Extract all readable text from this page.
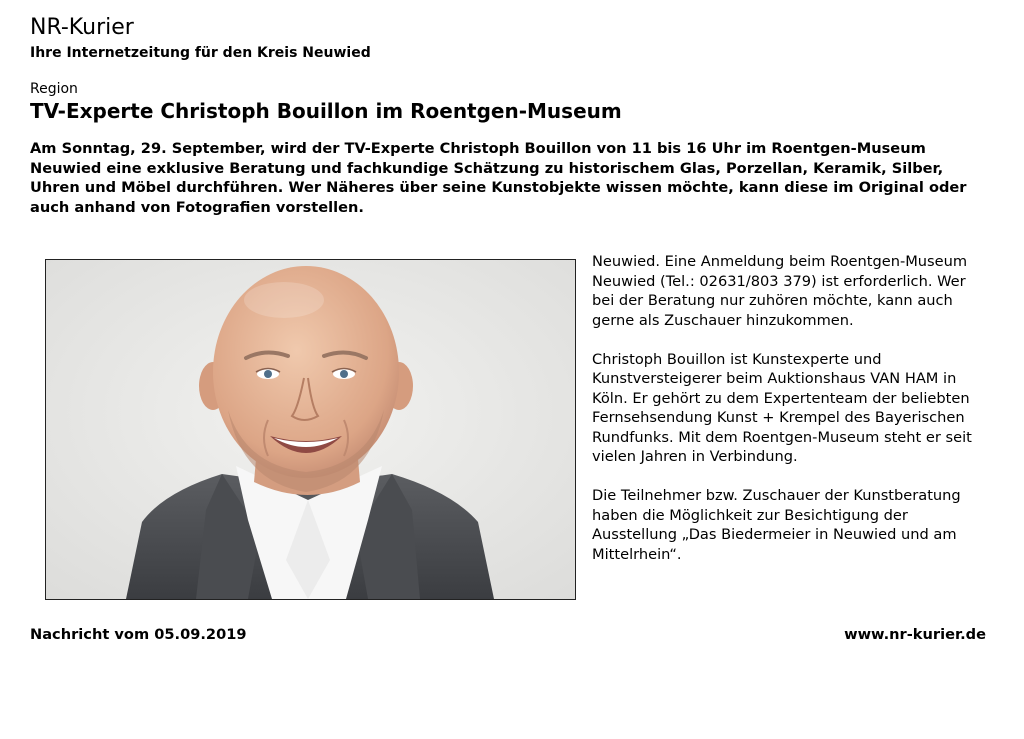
NR-Kurier
Ihre Internetzeitung für den Kreis Neuwied
Region
TV-Experte Christoph Bouillon im Roentgen-Museum
Am Sonntag, 29. September, wird der TV-Experte Christoph Bouillon von 11 bis 16 Uhr im Roentgen-Museum Neuwied eine exklusive Beratung und fachkundige Schätzung zu historischem Glas, Porzellan, Keramik, Silber, Uhren und Möbel durchführen. Wer Näheres über seine Kunstobjekte wissen möchte, kann diese im Original oder auch anhand von Fotografien vorstellen.

Neuwied. Eine Anmeldung beim Roentgen-Museum Neuwied (Tel.: 02631/803 379) ist erforderlich. Wer bei der Beratung nur zuhören möchte, kann auch gerne als Zuschauer hinzukommen.

Christoph Bouillon ist Kunstexperte und Kunstversteigerer beim Auktionshaus VAN HAM in Köln. Er gehört zu dem Expertenteam der beliebten Fernsehsendung Kunst + Krempel des Bayerischen Rundfunks. Mit dem Roentgen-Museum steht er seit vielen Jahren in Verbindung.

Die Teilnehmer bzw. Zuschauer der Kunstberatung haben die Möglichkeit zur Besichtigung der Ausstellung „Das Biedermeier in Neuwied und am Mittelrhein“.

Nachricht vom 05.09.2019	www.nr-kurier.de
